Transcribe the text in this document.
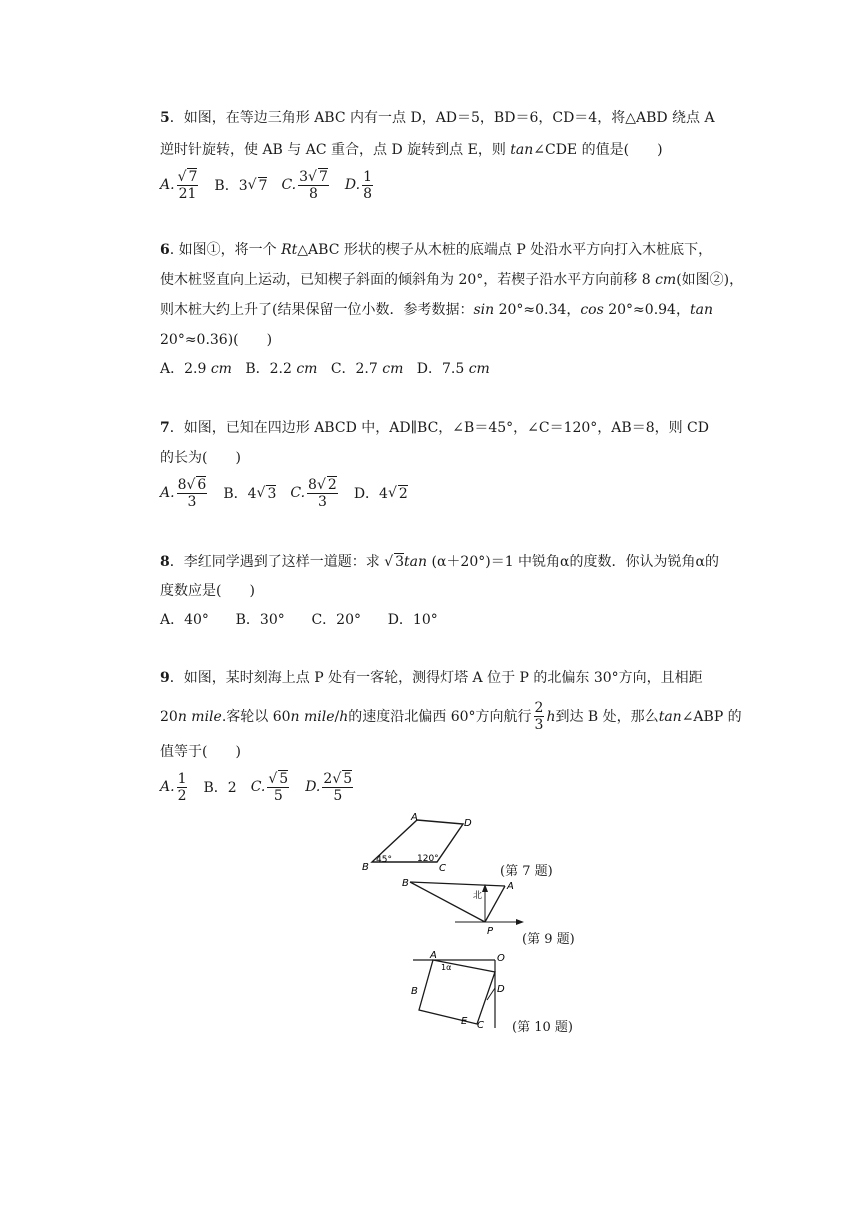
5．如图，在等边三角形 ABC 内有一点 D，AD＝5，BD＝6，CD＝4，将△ABD 绕点 A
逆时针旋转，使 AB 与 AC 重合，点 D 旋转到点 E，则 tan∠CDE 的值是(　　)
A. $\frac{√ 7}{21}$ B．3 √ 7 C. $\frac{3√ 7}{8} D$. $\frac{1}{8}$
6. 如图①，将一个 Rt△ABC 形状的楔子从木桩的底端点 P 处沿水平方向打入木桩底下，
使木桩竖直向上运动，已知楔子斜面的倾斜角为 20°，若楔子沿水平方向前移 8 cm(如图②)，
则木桩大约上升了(结果保留一位小数．参考数据：sin 20°≈0.34，cos 20°≈0.94，tan
20°≈0.36)(　　)
A．2.9 cm B．2.2 cm C．2.7 cm D．7.5 cm
7．如图，已知在四边形 ABCD 中，AD∥BC，∠B＝45°，∠C＝120°，AB＝8，则 CD
的长为(　　)
A. $\frac{8√ 6}{3}$ B．4 √ 3 C. $\frac{8√ 2}{3}$ D．4 √ 2
8．李红同学遇到了这样一道题：求 √ 3tan (α＋20°)＝1 中锐角α的度数．你认为锐角α的
度数应是(　　)
A．40° B．30° C．20° D．10°
9．如图，某时刻海上点 P 处有一客轮，测得灯塔 A 位于 P 的北偏东 30°方向，且相距
20 n mile .客轮以 60 n mile / h 的速度沿北偏西 60°方向航行 $\frac{2}{3}$ h 到达 B 处，那么 tan ∠ABP 的
值等于(　　)
A. $\frac{1}{2}$ B．2 C. $\frac{√ 5}{5} D$. $\frac{2√ 5}{5}$
A
D
B	C
45°	120°
(第 7 题)
B	A
P
北
(第 9 题)
A	O
D
B
E C
1α
(第 10 题)
